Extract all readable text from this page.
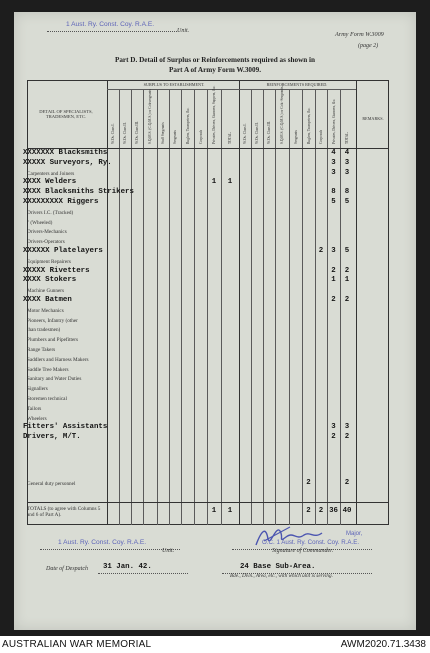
1 Aust. Ry. Const. Coy. R.A.E.
Unit.	Army Form W.3009
(page 2)
Part D. Detail of Surplus or Reinforcements required as shown in
Part A of Army Form W.3009.
DETAIL OF SPECIALISTS, TRADESMEN, ETC.
SURPLUS TO ESTABLISHMENT.	REINFORCEMENTS REQUIRED.
REMARKS.
W.Os. Class I. W.Os. Class II. W.Os. Class III.	S.Q.M.S. (C.Q.M.S.) or Colrsergeants	Staff Sergeants Sergeants Buglers, Trumpeters, &c.	Corporals	Privates, Drivers, Gunners, Sappers, &c.	TOTAL.	W.Os. Class I. W.Os. Class II. W.Os. Class III.	S.Q.M.S. (C.Q.M.S.) or Colr.-Sergeants.	Sergeants	Buglers, Trumpeters, &c. Corporals Privates, Drivers, Gunners, &c.	TOTAL.
XXXXXXX Blacksmiths	4	4
XXXXX Surveyors, Ry.	3	3
Carpenters and Joiners	3	3
XXXX Welders	1	1
XXXX Blacksmiths Strikers	8	8
XXXXXXXXX Riggers	5	5
Drivers I.C. (Tracked)
" (Wheeled)
Drivers-Mechanics
Drivers-Operators
XXXXXX Platelayers	2	3	5
Equipment Repairers
XXXXX Rivetters	2	2
XXXX Stokers	1	1
Machine Gunners
XXXX Batmen	2	2
Motor Mechanics
Pioneers, Infantry (other
than tradesmen)
Plumbers and Pipefitters
Range Takers
Saddlers and Harness Makers
Saddle Tree Makers
Sanitary and Water Duties
Signallers
Storemen technical
Tailors
Wheelers
Fitters' Assistants	3	3
Drivers, M/T.	2	2
General duty personnel	2	2
TOTALS (to agree with Columns 5 and 6 of Part A).	1	1	2	2 36 40
1 Aust. Ry. Const. Coy. R.A.E.
Unit.
Major,
O.C. 1 Aust. Ry. Const. Coy. R.A.E.
Signature of Commander.
Date of Despatch 31 Jan. 42.	24 Base Sub-Area.
Bde., Divn., Area, etc., with which unit is serving.
AUSTRALIAN WAR MEMORIAL	AWM2020.71.3438
